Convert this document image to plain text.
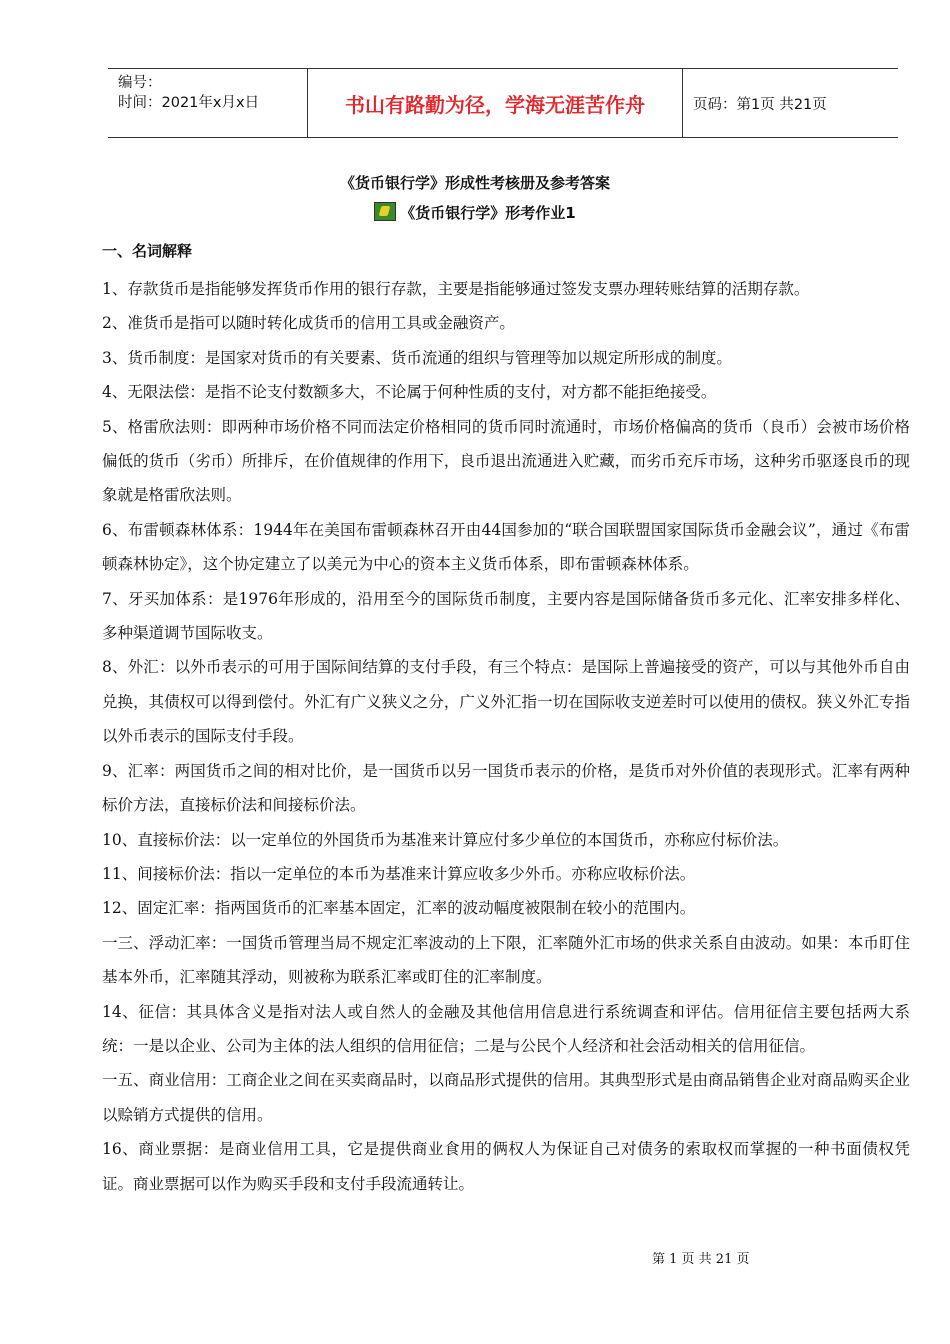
编号：
时间：2021年x月x日	书山有路勤为径，学海无涯苦作舟	页码：第1页 共21页
《货币银行学》形成性考核册及参考答案
《货币银行学》形考作业1
一、名词解释

1、存款货币是指能够发挥货币作用的银行存款，主要是指能够通过签发支票办理转账结算的活期存款。

2、准货币是指可以随时转化成货币的信用工具或金融资产。

3、货币制度：是国家对货币的有关要素、货币流通的组织与管理等加以规定所形成的制度。

4、无限法偿：是指不论支付数额多大，不论属于何种性质的支付，对方都不能拒绝接受。

5、格雷欣法则：即两种市场价格不同而法定价格相同的货币同时流通时，市场价格偏高的货币（良币）会被市场价格偏低的货币（劣币）所排斥，在价值规律的作用下，良币退出流通进入贮藏，而劣币充斥市场，这种劣币驱逐良币的现象就是格雷欣法则。

6、布雷顿森林体系：1944年在美国布雷顿森林召开由44国参加的“联合国联盟国家国际货币金融会议”，通过《布雷顿森林协定》，这个协定建立了以美元为中心的资本主义货币体系，即布雷顿森林体系。

7、牙买加体系：是1976年形成的，沿用至今的国际货币制度，主要内容是国际储备货币多元化、汇率安排多样化、多种渠道调节国际收支。

8、外汇：以外币表示的可用于国际间结算的支付手段，有三个特点：是国际上普遍接受的资产，可以与其他外币自由兑换，其债权可以得到偿付。外汇有广义狭义之分，广义外汇指一切在国际收支逆差时可以使用的债权。狭义外汇专指以外币表示的国际支付手段。

9、汇率：两国货币之间的相对比价，是一国货币以另一国货币表示的价格，是货币对外价值的表现形式。汇率有两种标价方法，直接标价法和间接标价法。

10、直接标价法：以一定单位的外国货币为基准来计算应付多少单位的本国货币，亦称应付标价法。

11、间接标价法：指以一定单位的本币为基准来计算应收多少外币。亦称应收标价法。

12、固定汇率：指两国货币的汇率基本固定，汇率的波动幅度被限制在较小的范围内。

一三、浮动汇率：一国货币管理当局不规定汇率波动的上下限，汇率随外汇市场的供求关系自由波动。如果：本币盯住基本外币，汇率随其浮动，则被称为联系汇率或盯住的汇率制度。

14、征信：其具体含义是指对法人或自然人的金融及其他信用信息进行系统调查和评估。信用征信主要包括两大系统：一是以企业、公司为主体的法人组织的信用征信；二是与公民个人经济和社会活动相关的信用征信。

一五、商业信用：工商企业之间在买卖商品时，以商品形式提供的信用。其典型形式是由商品销售企业对商品购买企业以赊销方式提供的信用。

16、商业票据：是商业信用工具，它是提供商业食用的俩权人为保证自己对债务的索取权而掌握的一种书面债权凭证。商业票据可以作为购买手段和支付手段流通转让。

第 1 页 共 21 页
